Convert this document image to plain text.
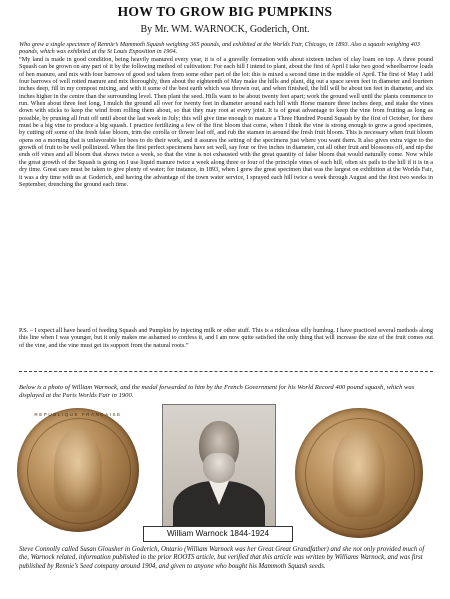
HOW TO GROW BIG PUMPKINS
By Mr. WM. WARNOCK, Goderich, Ont.

Who grew a single specimen of Rennie’s Mammoth Squash weighing 365 pounds, and exhibited at the Worlds Fair, Chicago, in 1893. Also a squash weighing 403 pounds, which was exhibited at the St Louis Exposition in 1904.

“My land is made in good condition, being heavily manured every year, it is of a gravelly formation with about sixteen inches of clay loam on top. A three pound Squash can be grown on any part of it by the following method of cultivation: For each hill I intend to plant, about the first of April I take two good wheelbarrow loads of hen manure, and mix with four barrows of good sod taken from some other part of the lot: this is mixed a second time in the middle of April. The first of May I add four barrows of well rotted manure and mix thoroughly, then about the eighteenth of May make the hills and plant, dig out a space seven feet in diameter and fourteen inches deep, fill in my compost mixing, and with it some of the best earth which was thrown out, and when finished, the hill will be about ten feet in diameter, and six inches higher in the centre than the surrounding level. Then plant the seed. Hills want to be about twenty feet apart; work the ground well until the plants commence to run. When about three feet long, I mulch the ground all over for twenty feet in diameter around each hill with Horse manure three inches deep, and stake the vines down with sticks to keep the wind from rolling them about, so that they may root at every joint. It is of great advantage to keep the vine from fruiting as long as possible, by pruning all fruit off until about the last week in July; this will give time enough to mature a Three Hundred Pound Squash by the first of October, for there must be a big vine to produce a big squash. I practice fertilizing a few of the first bloom that come, when I think the vine is strong enough to grow a good specimen, by cutting off some of the fresh false bloom, trim the corolla or flower leaf off, and rub the stamen in around the fresh fruit bloom. This is necessary when fruit bloom opens on a morning that is unfavorable for bees to do their work, and it assures the setting of the specimens just where you want them. It also gives extra vigor to the growth of fruit to be well pollinized. When the first perfect specimens have set well, say four or five inches in diameter, cut all other fruit and blossoms off, and nip the ends off vines and all bloom that shows twice a week, so that the vine is not exhausted with the great quantity of false bloom that would naturally come. Now while the great growth of the Squash is going on I use liquid manure twice a week along three or four of the principle vines of each hill, often six pails to the hill if it is in a dry time. Great care must be taken to give plenty of water; for instance, in 1893, when I grew the great specimen that was the largest on exhibition at the Worlds Fair, it was a dry time with us at Goderich, and having the advantage of the town water service, I sprayed each hill twice a week through August and the first two weeks in September, drenching the ground each time.

P.S. – I expect all have heard of feeding Squash and Pumpkin by injecting milk or other stuff. This is a ridiculous silly humbug. I have practiced several methods along this line when I was younger, but it only makes me ashamed to confess it, and I am now quite satisfied the only thing that will increase the size of the fruit comes out of the vine, and the vine must get its support from the natural roots.”

Below is a photo of William Warnock, and the medal forwarded to him by the French Government for his World Record 400 pound squash, which was displayed at the Paris Worlds Fair in 1900.

REPUBLIQUE FRANÇAISE
William Warnock 1844-1924

Steve Connolly called Susan Glousher in Goderich, Ontario (William Warnock was her Great Great Grandfather) and she not only provided much of the, Warnock related, information published in the prior ROOTS article, but verified that this article was written by Williams Warnock, and was first published by Rennie’s Seed company around 1904, and given to anyone who bought his Mammoth Squash seeds.
